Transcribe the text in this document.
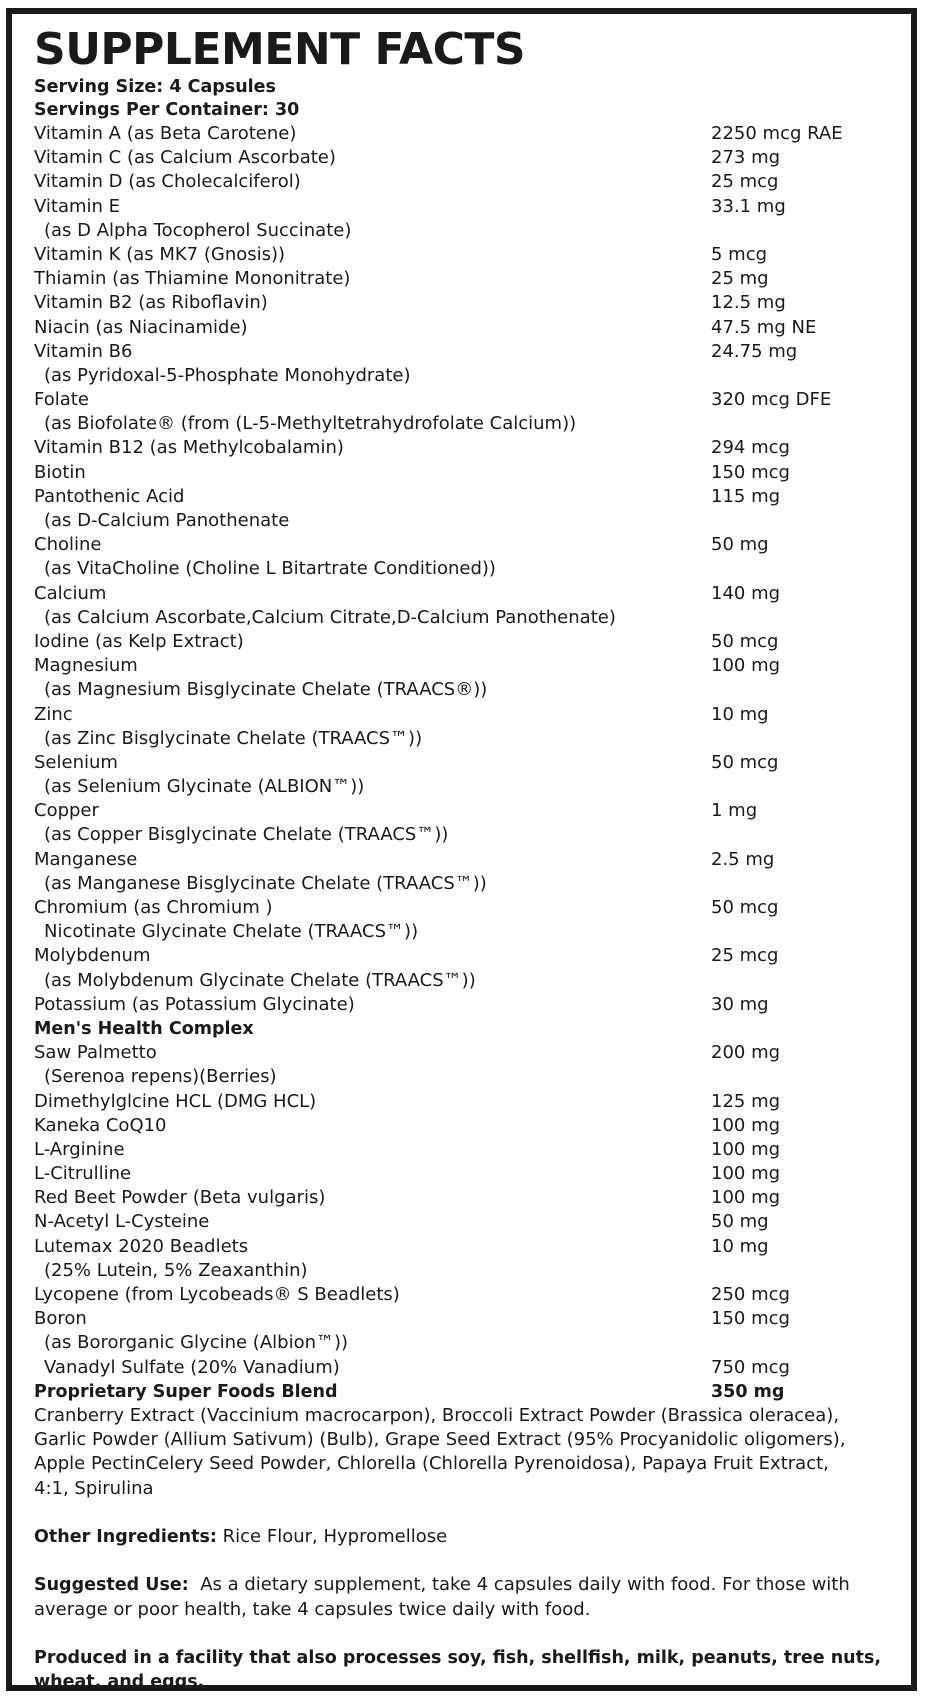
SUPPLEMENT FACTS
Serving Size: 4 Capsules
Servings Per Container: 30
Vitamin A (as Beta Carotene)	2250 mcg RAE
Vitamin C (as Calcium Ascorbate)	273 mg
Vitamin D (as Cholecalciferol)	25 mcg
Vitamin E	33.1 mg
(as D Alpha Tocopherol Succinate)
Vitamin K (as MK7 (Gnosis))	5 mcg
Thiamin (as Thiamine Mononitrate)	25 mg
Vitamin B2 (as Riboflavin)	12.5 mg
Niacin (as Niacinamide)	47.5 mg NE
Vitamin B6	24.75 mg
(as Pyridoxal-5-Phosphate Monohydrate)
Folate	320 mcg DFE
(as Biofolate® (from (L-5-Methyltetrahydrofolate Calcium))
Vitamin B12 (as Methylcobalamin)	294 mcg
Biotin	150 mcg
Pantothenic Acid	115 mg
(as D-Calcium Panothenate
Choline	50 mg
(as VitaCholine (Choline L Bitartrate Conditioned))
Calcium	140 mg
(as Calcium Ascorbate,Calcium Citrate,D-Calcium Panothenate)
Iodine (as Kelp Extract)	50 mcg
Magnesium	100 mg
(as Magnesium Bisglycinate Chelate (TRAACS®))
Zinc	10 mg
(as Zinc Bisglycinate Chelate (TRAACS™))
Selenium	50 mcg
(as Selenium Glycinate (ALBION™))
Copper	1 mg
(as Copper Bisglycinate Chelate (TRAACS™))
Manganese	2.5 mg
(as Manganese Bisglycinate Chelate (TRAACS™))
Chromium (as Chromium )	50 mcg
Nicotinate Glycinate Chelate (TRAACS™))
Molybdenum	25 mcg
(as Molybdenum Glycinate Chelate (TRAACS™))
Potassium (as Potassium Glycinate)	30 mg
Men's Health Complex
Saw Palmetto	200 mg
(Serenoa repens)(Berries)
Dimethylglcine HCL (DMG HCL)	125 mg
Kaneka CoQ10	100 mg
L-Arginine	100 mg
L-Citrulline	100 mg
Red Beet Powder (Beta vulgaris)	100 mg
N-Acetyl L-Cysteine	50 mg
Lutemax 2020 Beadlets	10 mg
(25% Lutein, 5% Zeaxanthin)
Lycopene (from Lycobeads® S Beadlets)	250 mcg
Boron	150 mcg
(as Bororganic Glycine (Albion™))
Vanadyl Sulfate (20% Vanadium)	750 mcg
Proprietary Super Foods Blend	350 mg
Cranberry Extract (Vaccinium macrocarpon), Broccoli Extract Powder (Brassica oleracea),
Garlic Powder (Allium Sativum) (Bulb), Grape Seed Extract (95% Procyanidolic oligomers),
Apple PectinCelery Seed Powder, Chlorella (Chlorella Pyrenoidosa), Papaya Fruit Extract,
4:1, Spirulina
Other Ingredients: Rice Flour, Hypromellose
Suggested Use: As a dietary supplement, take 4 capsules daily with food. For those with
average or poor health, take 4 capsules twice daily with food.
Produced in a facility that also processes soy, fish, shellfish, milk, peanuts, tree nuts,
wheat, and eggs.
